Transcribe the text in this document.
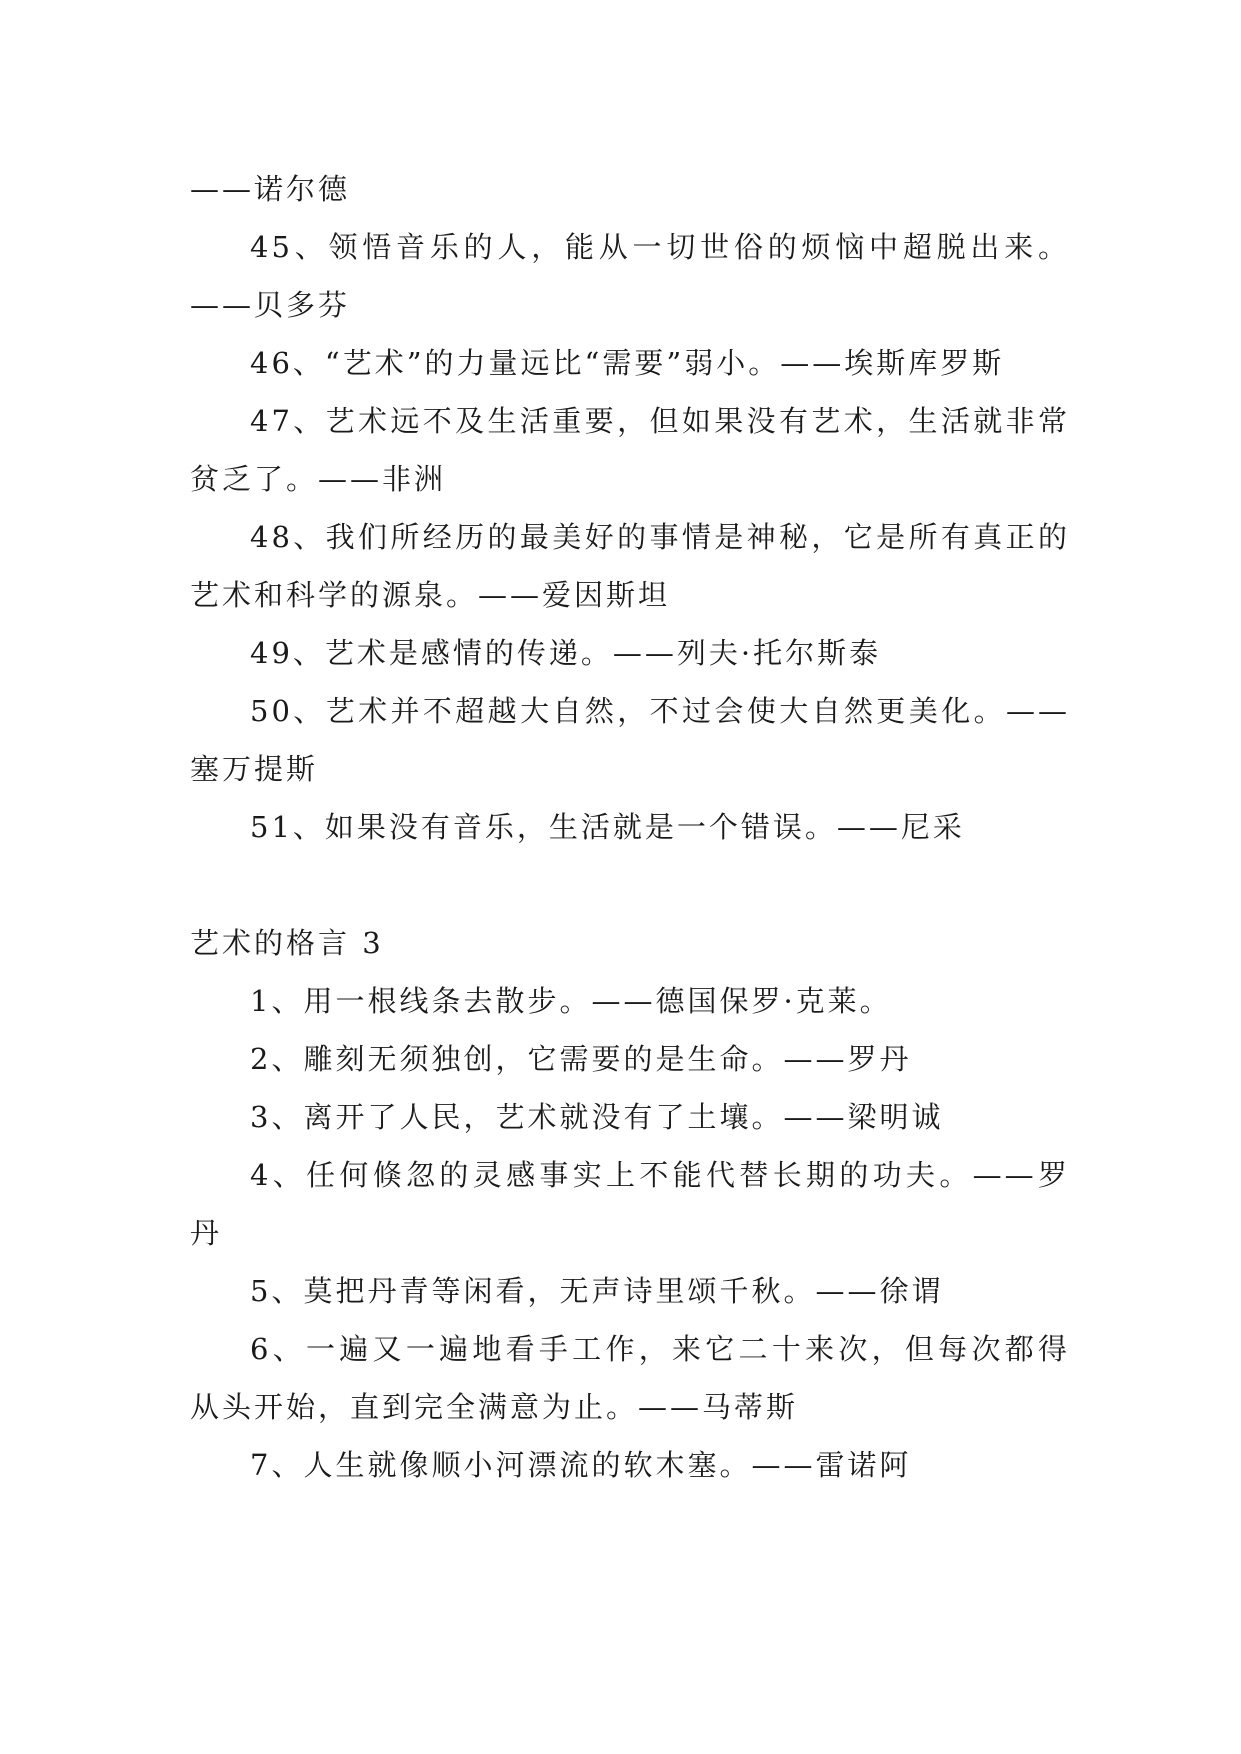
——诺尔德

45、领悟音乐的人，能从一切世俗的烦恼中超脱出来。——贝多芬

46、“艺术”的力量远比“需要”弱小。——埃斯库罗斯

47、艺术远不及生活重要，但如果没有艺术，生活就非常贫乏了。——非洲

48、我们所经历的最美好的事情是神秘，它是所有真正的艺术和科学的源泉。——爱因斯坦

49、艺术是感情的传递。——列夫·托尔斯泰

50、艺术并不超越大自然，不过会使大自然更美化。——塞万提斯

51、如果没有音乐，生活就是一个错误。——尼采

艺术的格言 3

1、用一根线条去散步。——德国保罗·克莱。

2、雕刻无须独创，它需要的是生命。——罗丹

3、离开了人民，艺术就没有了土壤。——梁明诚

4、任何倏忽的灵感事实上不能代替长期的功夫。——罗丹

5、莫把丹青等闲看，无声诗里颂千秋。——徐谓

6、一遍又一遍地看手工作，来它二十来次，但每次都得从头开始，直到完全满意为止。——马蒂斯

7、人生就像顺小河漂流的软木塞。——雷诺阿
